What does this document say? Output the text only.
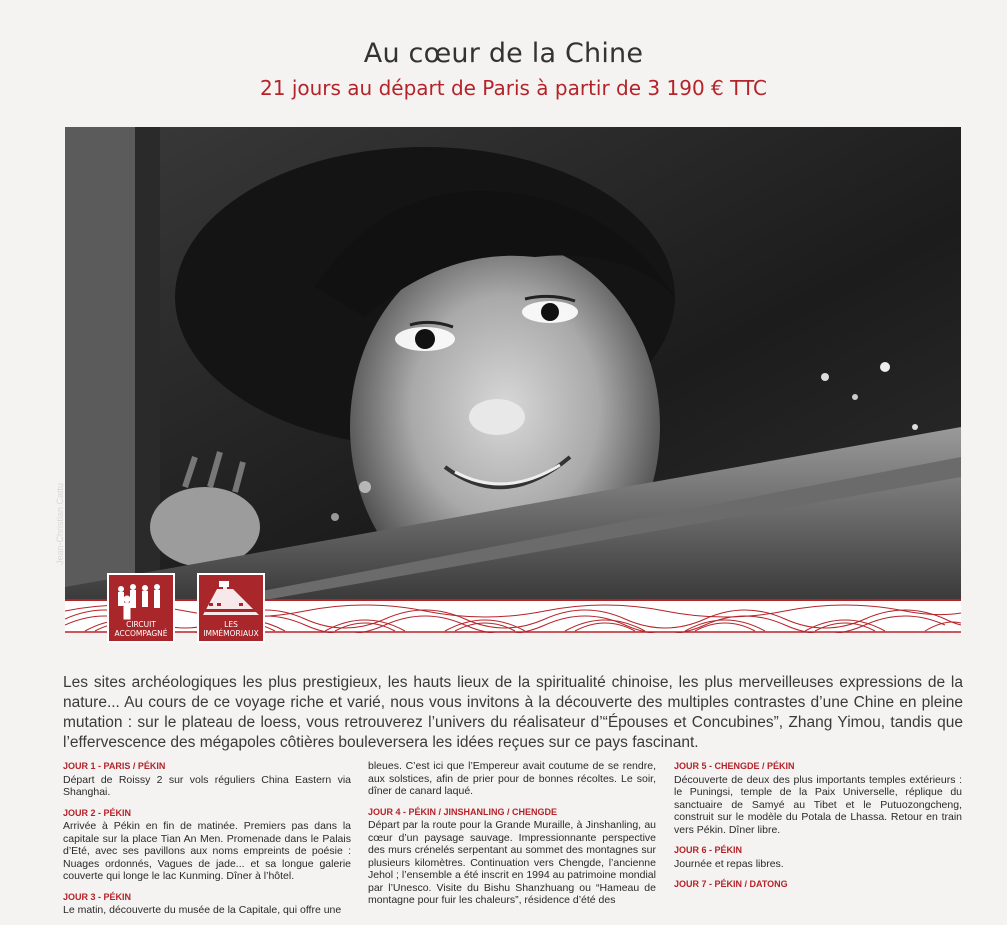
Au cœur de la Chine
21 jours au départ de Paris à partir de 3 190 € TTC
Jean-Christian Cattu
CIRCUIT
ACCOMPAGNÉ
LES IMMÉMORIAUX

Les sites archéologiques les plus prestigieux, les hauts lieux de la spiritualité chinoise, les plus merveilleuses expressions de la nature... Au cours de ce voyage riche et varié, nous vous invitons à la découverte des multiples contrastes d’une Chine en pleine mutation : sur le plateau de loess, vous retrouverez l’univers du réalisateur d’“Épouses et Concubines”, Zhang Yimou, tandis que l’effervescence des mégapoles côtières bouleversera les idées reçues sur ce pays fascinant.

JOUR 1 - PARIS / PÉKIN

Départ de Roissy 2 sur vols réguliers China Eastern via Shanghai.

JOUR 2 - PÉKIN

Arrivée à Pékin en fin de matinée. Premiers pas dans la capitale sur la place Tian An Men. Promenade dans le Palais d’Eté, avec ses pavillons aux noms empreints de poésie : Nuages ordonnés, Vagues de jade... et sa longue galerie couverte qui longe le lac Kunming. Dîner à l’hôtel.

JOUR 3 - PÉKIN

Le matin, découverte du musée de la Capitale, qui offre une

bleues. C’est ici que l’Empereur avait coutume de se rendre, aux solstices, afin de prier pour de bonnes récoltes. Le soir, dîner de canard laqué.

JOUR 4 - PÉKIN / JINSHANLING / CHENGDE

Départ par la route pour la Grande Muraille, à Jinshanling, au cœur d’un paysage sauvage. Impressionnante perspective des murs crénelés serpentant au sommet des montagnes sur plusieurs kilomètres. Continuation vers Chengde, l’ancienne Jehol ; l’ensemble a été inscrit en 1994 au patrimoine mondial par l’Unesco. Visite du Bishu Shanzhuang ou “Hameau de montagne pour fuir les chaleurs”, résidence d’été des

JOUR 5 - CHENGDE / PÉKIN

Découverte de deux des plus importants temples extérieurs : le Puningsi, temple de la Paix Universelle, réplique du sanctuaire de Samyé au Tibet et le Putuozongcheng, construit sur le modèle du Potala de Lhassa. Retour en train vers Pékin. Dîner libre.

JOUR 6 - PÉKIN

Journée et repas libres.

JOUR 7 - PÉKIN / DATONG
